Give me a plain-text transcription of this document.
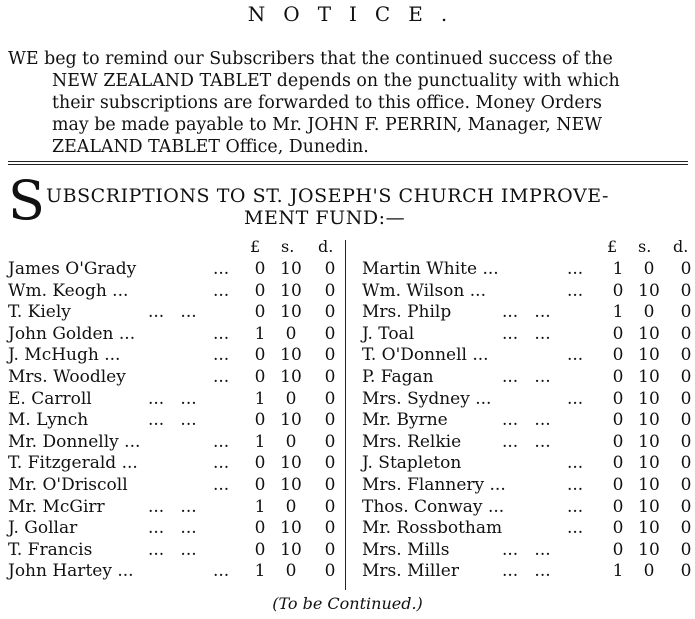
NOTICE.

WE beg to remind our Subscribers that the continued success of the

NEW ZEALAND TABLET depends on the punctuality with which

their subscriptions are forwarded to this office. Money Orders

may be made payable to Mr. JOHN F. PERRIN, Manager, NEW

ZEALAND TABLET Office, Dunedin.

S UBSCRIPTIONS TO ST. JOSEPH'S CHURCH IMPROVE-
MENT FUND:—
£ s. d.	£ s. d.
James O'Grady	...	0 10	0
Wm. Keogh ...	...	0 10	0
T. Kiely	...   ...	0 10	0
John Golden ...	...	1	0	0
J. McHugh ...	...	0 10	0
Mrs. Woodley	...	0 10	0
E. Carroll	...   ...	1	0	0
M. Lynch	...   ...	0 10	0
Mr. Donnelly ...	...	1	0	0
T. Fitzgerald ...	...	0 10	0
Mr. O'Driscoll	...	0 10	0
Mr. McGirr	...   ...	1	0	0
J. Gollar	...   ...	0 10	0
T. Francis	...   ...	0 10	0
John Hartey ...	...	1	0	0
Martin White ...	...	1	0	0
Wm. Wilson ...	...	0 10	0
Mrs. Philp	...   ...	1	0	0
J. Toal	...   ...	0 10	0
T. O'Donnell ...	...	0 10	0
P. Fagan	...   ...	0 10	0
Mrs. Sydney ...	...	0 10	0
Mr. Byrne	...   ...	0 10	0
Mrs. Relkie ...   ...	0 10	0
J. Stapleton	...	0 10	0
Mrs. Flannery ...	...	0 10	0
Thos. Conway ...	...	0 10	0
Mr. Rossbotham	...	0 10	0
Mrs. Mills	...   ...	0 10	0
Mrs. Miller	...   ...	1	0	0
(To be Continued.)
